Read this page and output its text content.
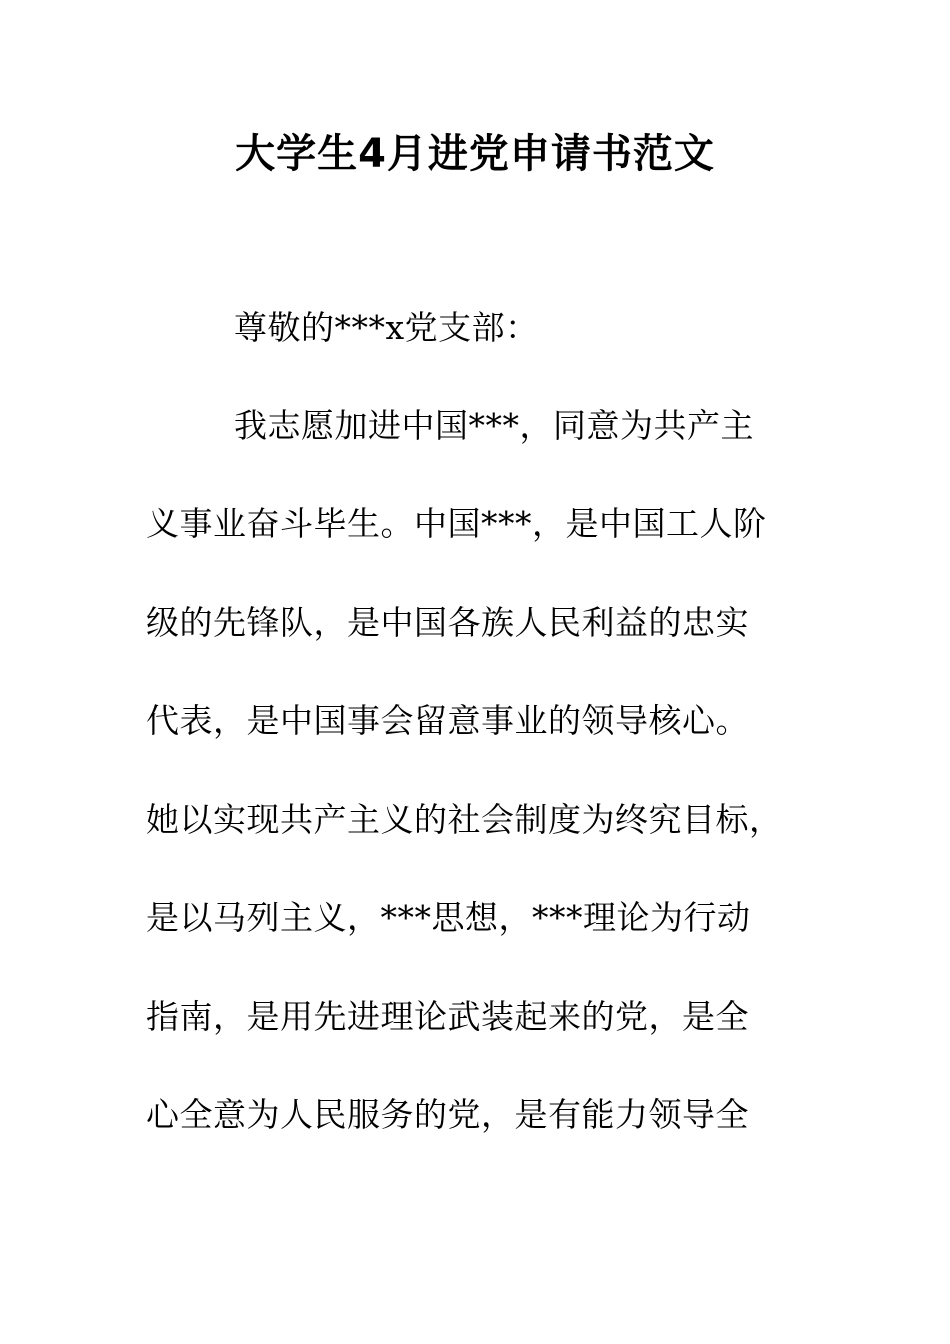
大学生4月进党申请书范文
尊敬的***x党支部：
我志愿加进中国***，同意为共产主
义事业奋斗毕生。中国***，是中国工人阶
级的先锋队，是中国各族人民利益的忠实
代表，是中国事会留意事业的领导核心。
她以实现共产主义的社会制度为终究目标，
是以马列主义，***思想，***理论为行动
指南，是用先进理论武装起来的党，是全
心全意为人民服务的党，是有能力领导全
